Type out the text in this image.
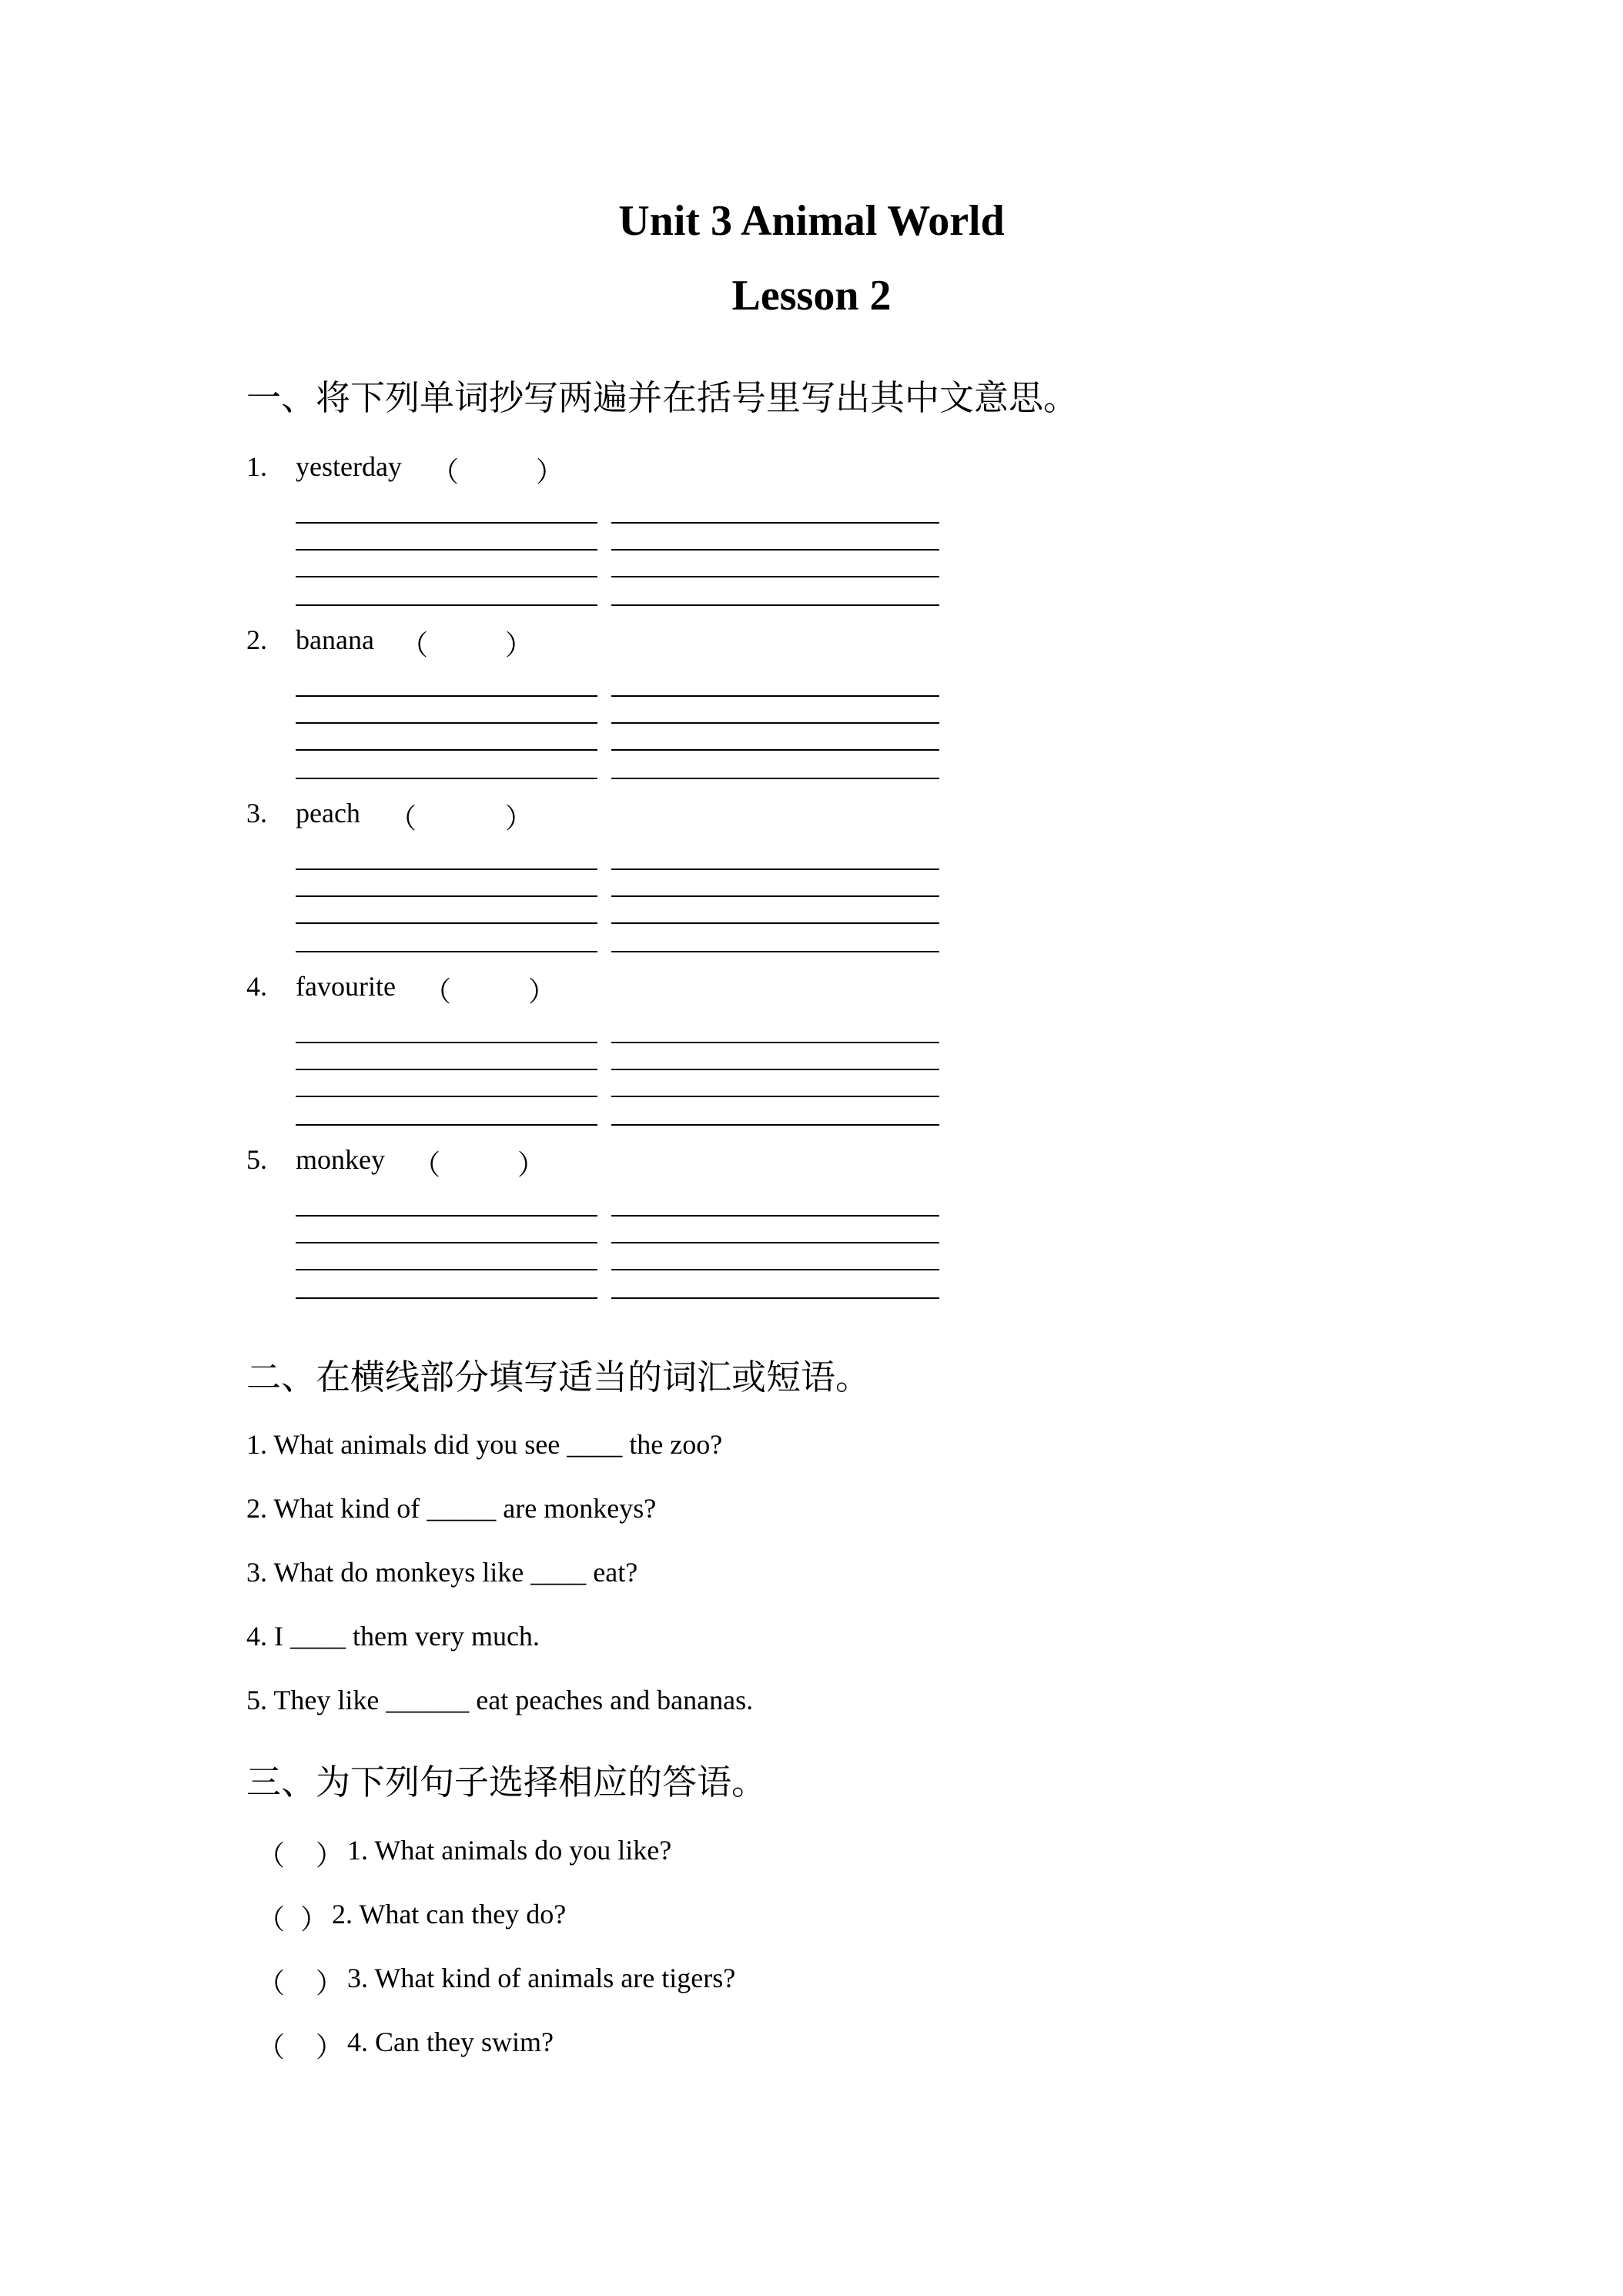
Unit 3 Animal World
Lesson 2
一、将下列单词抄写两遍并在括号里写出其中文意思。
1. yesterday （	）
2. banana （	）
3. peach （	）
4. favourite （	）
5. monkey （	）
二、在横线部分填写适当的词汇或短语。
1. What animals did you see ____ the zoo?
2. What kind of _____ are monkeys?
3. What do monkeys like ____ eat?
4. I ____ them very much.
5. They like ______ eat peaches and bananas.
三、为下列句子选择相应的答语。
（ ） 1. What animals do you like?
（ ） 2. What can they do?
（ ） 3. What kind of animals are tigers?
（ ） 4. Can they swim?
